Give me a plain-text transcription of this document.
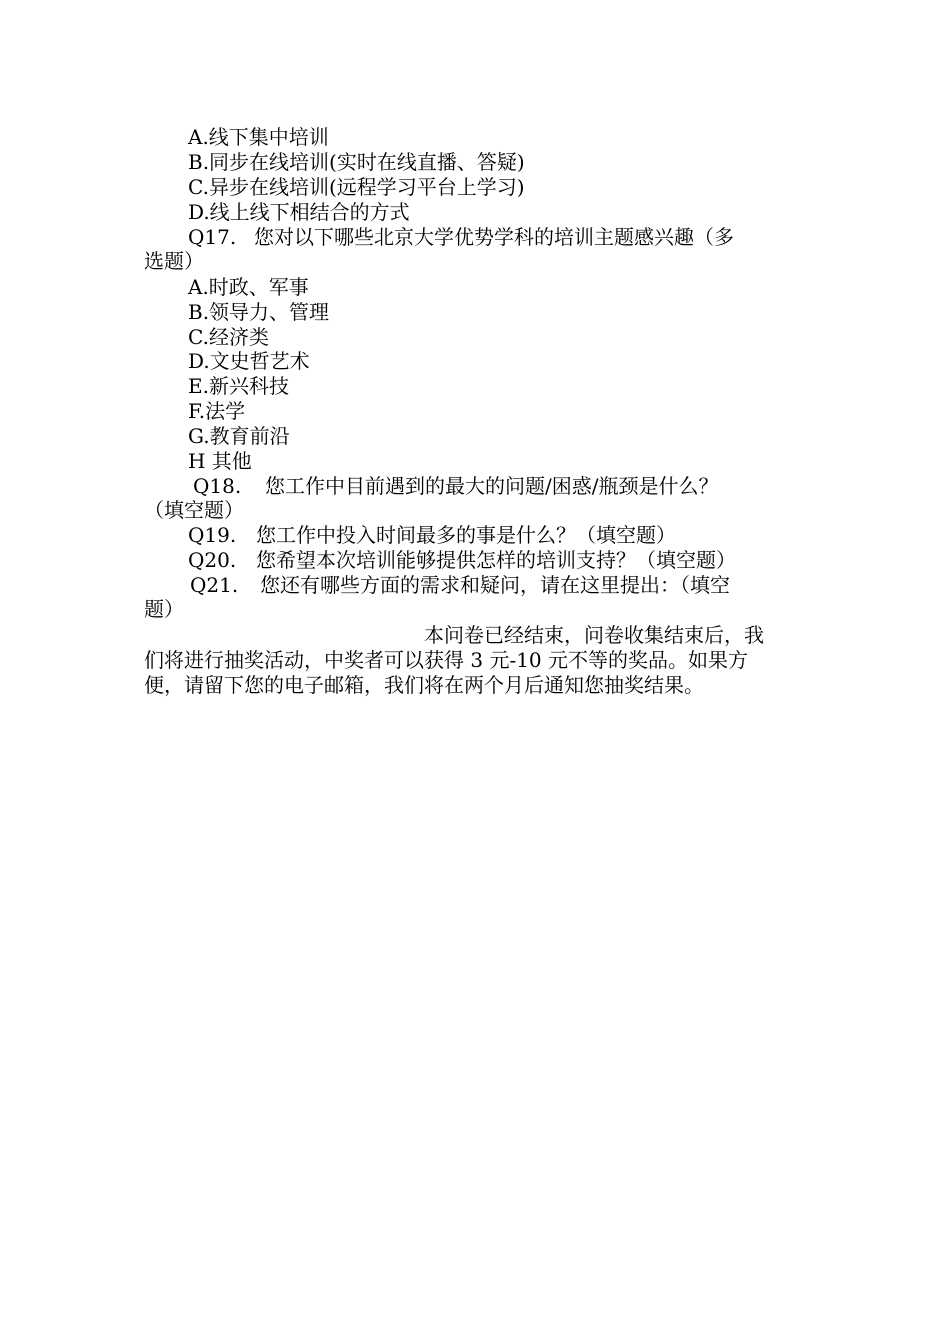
A.线下集中培训
B.同步在线培训(实时在线直播、答疑)
C.异步在线培训(远程学习平台上学习)
D.线上线下相结合的方式
Q17. 您对以下哪些北京大学优势学科的培训主题感兴趣（多
选题）
A.时政、军事
B.领导力、管理
C.经济类
D.文史哲艺术
E.新兴科技
F.法学
G.教育前沿
H 其他
Q18. 您工作中目前遇到的最大的问题/困惑/瓶颈是什么？
（填空题）
Q19. 您工作中投入时间最多的事是什么？（填空题）
Q20. 您希望本次培训能够提供怎样的培训支持？（填空题）
Q21. 您还有哪些方面的需求和疑问，请在这里提出：（填空
题）
本问卷已经结束，问卷收集结束后，我
们将进行抽奖活动，中奖者可以获得 3 元-10 元不等的奖品。如果方
便，请留下您的电子邮箱，我们将在两个月后通知您抽奖结果。
